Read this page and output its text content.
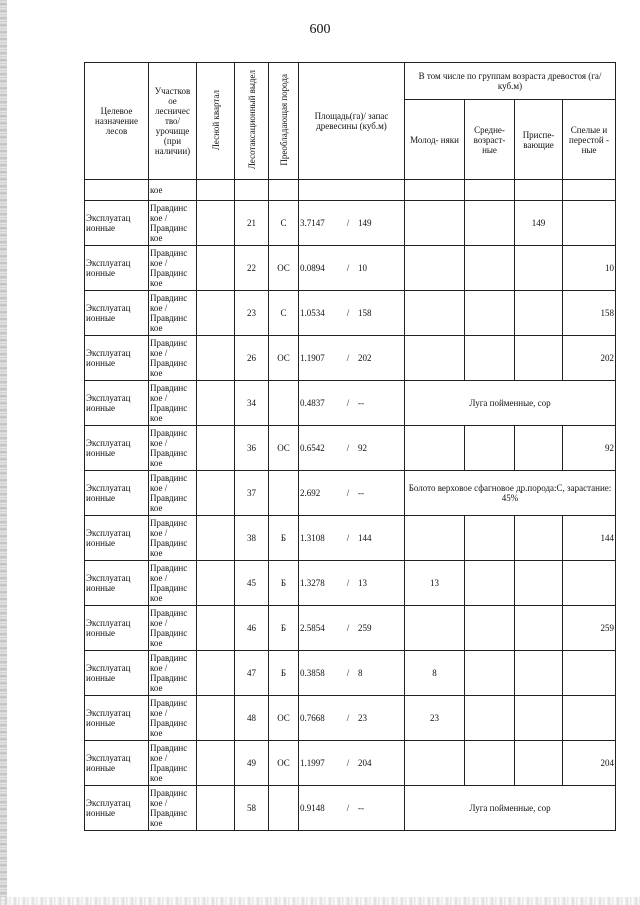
600
Целевое назначение лесов	Участков ое лесничес тво/ урочище (при наличии)	Лесной квартал	Лесотаксационный выдел	Преобладающая порода	Площадь(га)/ запас древесины (куб.м)	В том числе по группам возраста древостоя (га/ куб.м)			
						Молод- няки	Средне- возраст- ные	Приспе- вающие	Спелые и перестой - ные
	кое								
Эксплуатац ионные	Правдинс кое / Правдинс кое		21	С	3.7147 / 149			149	
Эксплуатац ионные	Правдинс кое / Правдинс кое		22	ОС	0.0894 / 10				10
Эксплуатац ионные	Правдинс кое / Правдинс кое		23	С	1.0534 / 158				158
Эксплуатац ионные	Правдинс кое / Правдинс кое		26	ОС	1.1907 / 202				202
Эксплуатац ионные	Правдинс кое / Правдинс кое		34		0.4837 / --	Луга пойменные, сор			
Эксплуатац ионные	Правдинс кое / Правдинс кое		36	ОС	0.6542 / 92				92
Эксплуатац ионные	Правдинс кое / Правдинс кое		37		2.692 / --	Болото верховое сфагновое др.порода:С, зарастание: 45%			
Эксплуатац ионные	Правдинс кое / Правдинс кое		38	Б	1.3108 / 144				144
Эксплуатац ионные	Правдинс кое / Правдинс кое		45	Б	1.3278 / 13	13			
Эксплуатац ионные	Правдинс кое / Правдинс кое		46	Б	2.5854 / 259				259
Эксплуатац ионные	Правдинс кое / Правдинс кое		47	Б	0.3858 / 8	8			
Эксплуатац ионные	Правдинс кое / Правдинс кое		48	ОС	0.7668 / 23	23			
Эксплуатац ионные	Правдинс кое / Правдинс кое		49	ОС	1.1997 / 204				204
Эксплуатац ионные	Правдинс кое / Правдинс кое		58		0.9148 / --	Луга пойменные, сор			
